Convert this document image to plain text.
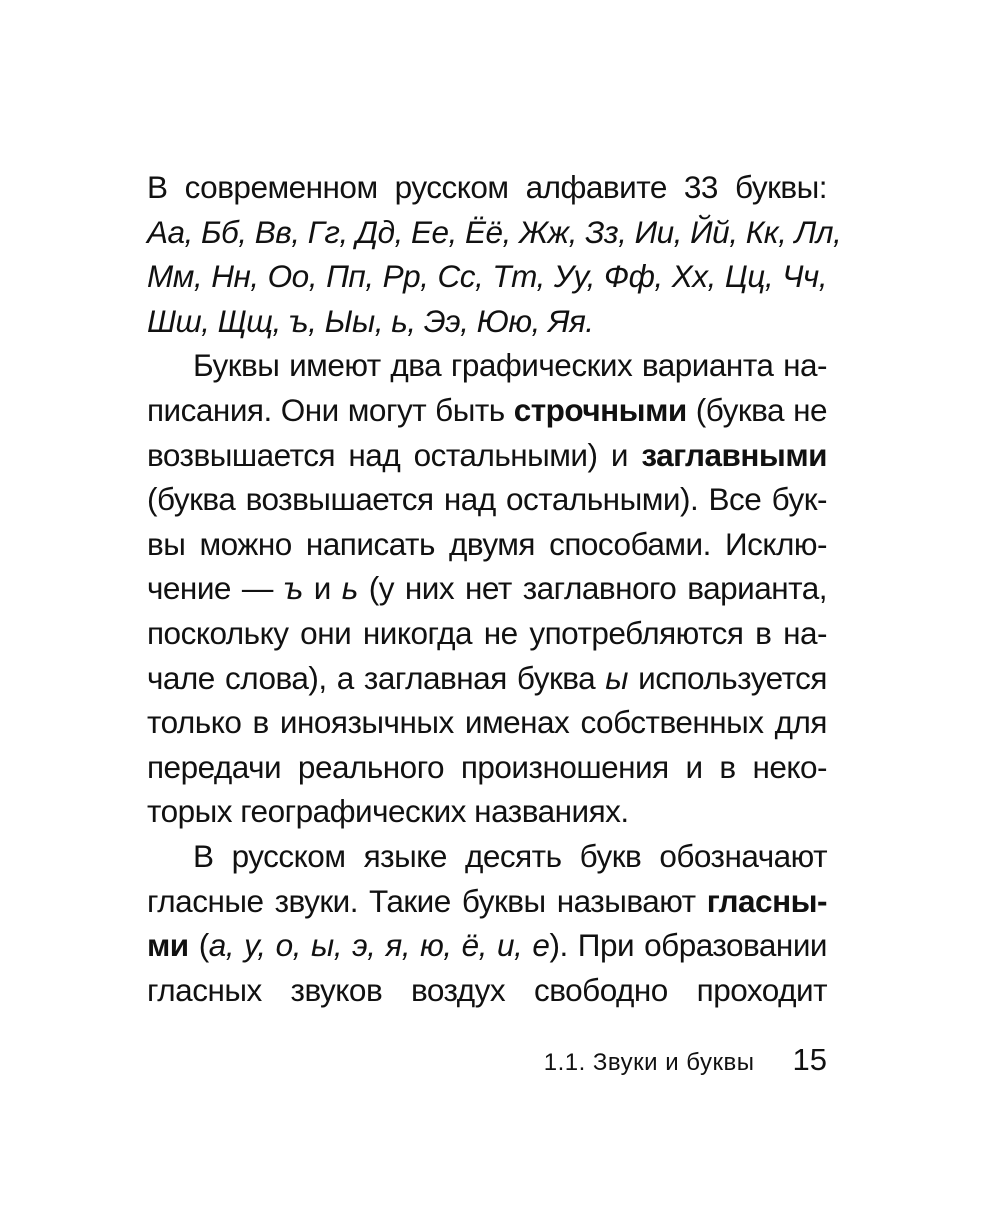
В современном русском алфавите 33 буквы:
Аа, Бб, Вв, Гг, Дд, Ее, Ёё, Жж, Зз, Ии, Йй, Кк, Лл,
Мм, Нн, Оо, Пп, Рр, Сс, Тт, Уу, Фф, Хх, Цц, Чч,
Шш, Щщ, ъ, Ыы, ь, Ээ, Юю, Яя.
Буквы имеют два графических варианта на-
писания. Они могут быть строчными (буква не
возвышается над остальными) и заглавными
(буква возвышается над остальными). Все бук-
вы можно написать двумя способами. Исклю-
чение — ъ и ь (у них нет заглавного варианта,
поскольку они никогда не употребляются в на-
чале слова), а заглавная буква ы используется
только в иноязычных именах собственных для
передачи реального произношения и в неко-
торых географических названиях.
В русском языке десять букв обозначают
гласные звуки. Такие буквы называют гласны-
ми (а, у, о, ы, э, я, ю, ё, и, е). При образовании
гласных звуков воздух свободно проходит
1.1. Звуки и буквы 15
